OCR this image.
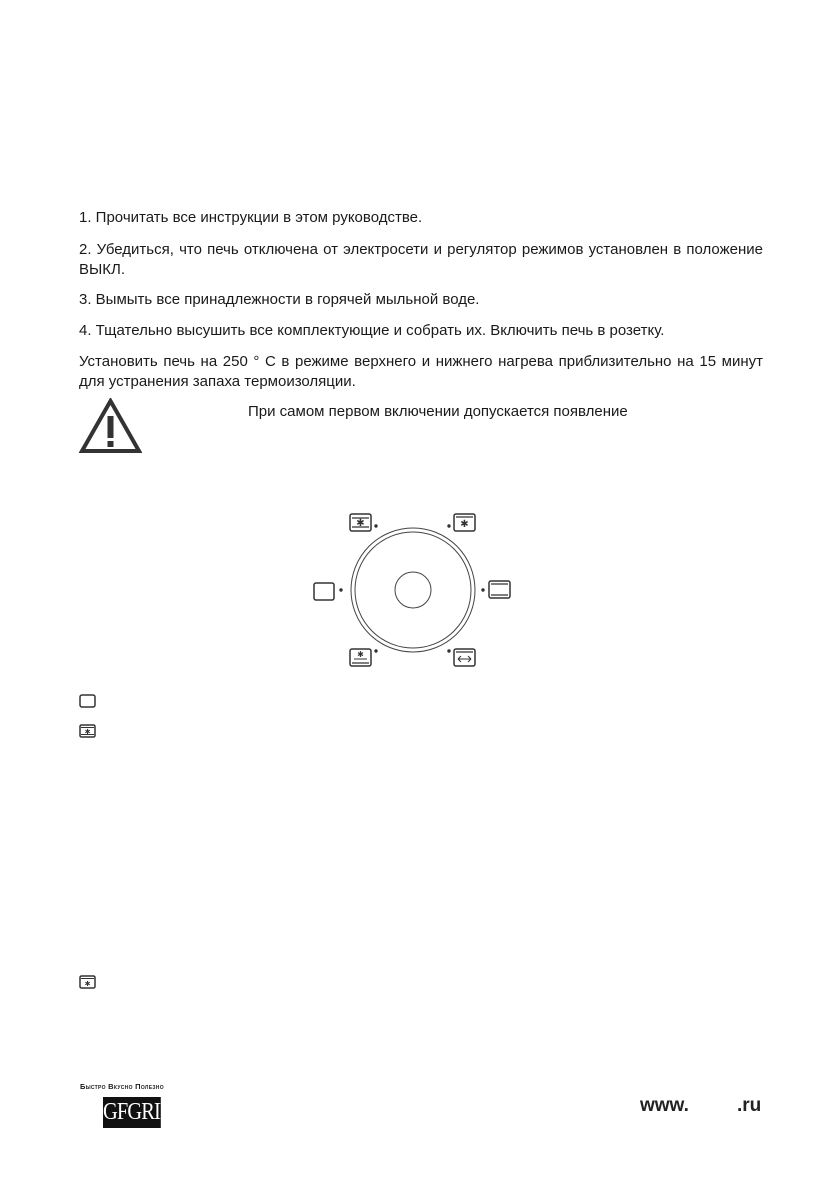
1. Прочитать все инструкции в этом руководстве.
2. Убедиться, что печь отключена от электросети и регулятор режимов установлен в положение ВЫКЛ.
3. Вымыть все принадлежности в горячей мыльной воде.
4. Тщательно высушить все комплектующие и собрать их. Включить печь в розетку.
Установить печь на 250 ° С в режиме верхнего и нижнего нагрева приблизительно на 15 минут для устранения запаха термоизоляции.
При самом первом включении допускается появление
✱	✱
✱
✱
✱
Быстро Вкусно Полезно
GFGRIL	www.	.ru
